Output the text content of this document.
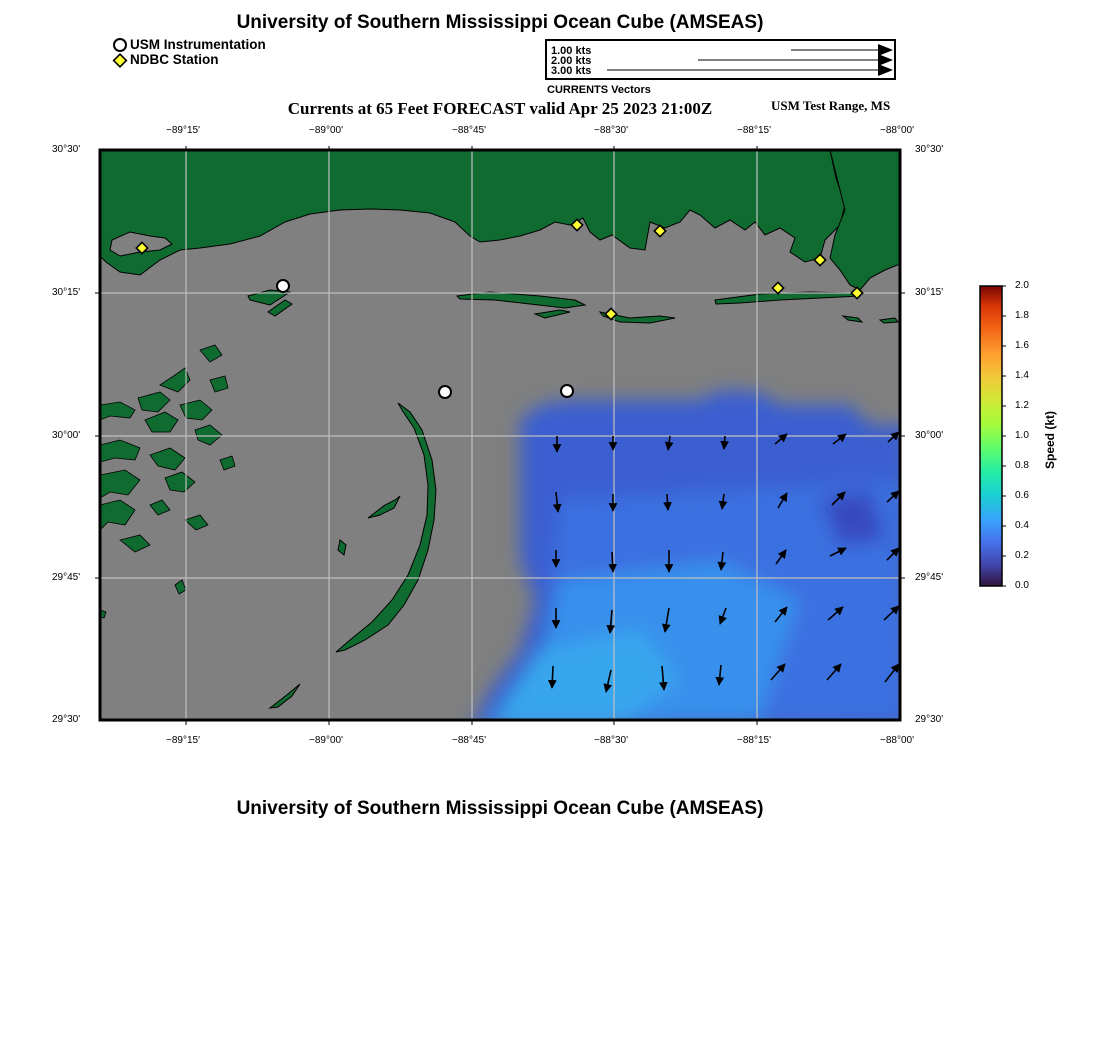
University of Southern Mississippi Ocean Cube (AMSEAS)
USM Instrumentation
NDBC Station
1.00 kts
2.00 kts
3.00 kts
CURRENTS Vectors
Currents at 65 Feet FORECAST valid Apr 25 2023 21:00Z	USM Test Range, MS
−89°15'	−89°00'	−88°45'	−88°30'	−88°15'	−88°00'
−89°15'	−89°00'	−88°45'	−88°30'	−88°15'	−88°00'
30°30'
30°15'
30°00'
29°45'
29°30'
30°30'
30°15'
30°00'
29°45'
29°30'
2.0
1.8
1.6
1.4
1.2
1.0
0.8
0.6
0.4
0.2
0.0
Speed (kt)
University of Southern Mississippi Ocean Cube (AMSEAS)
